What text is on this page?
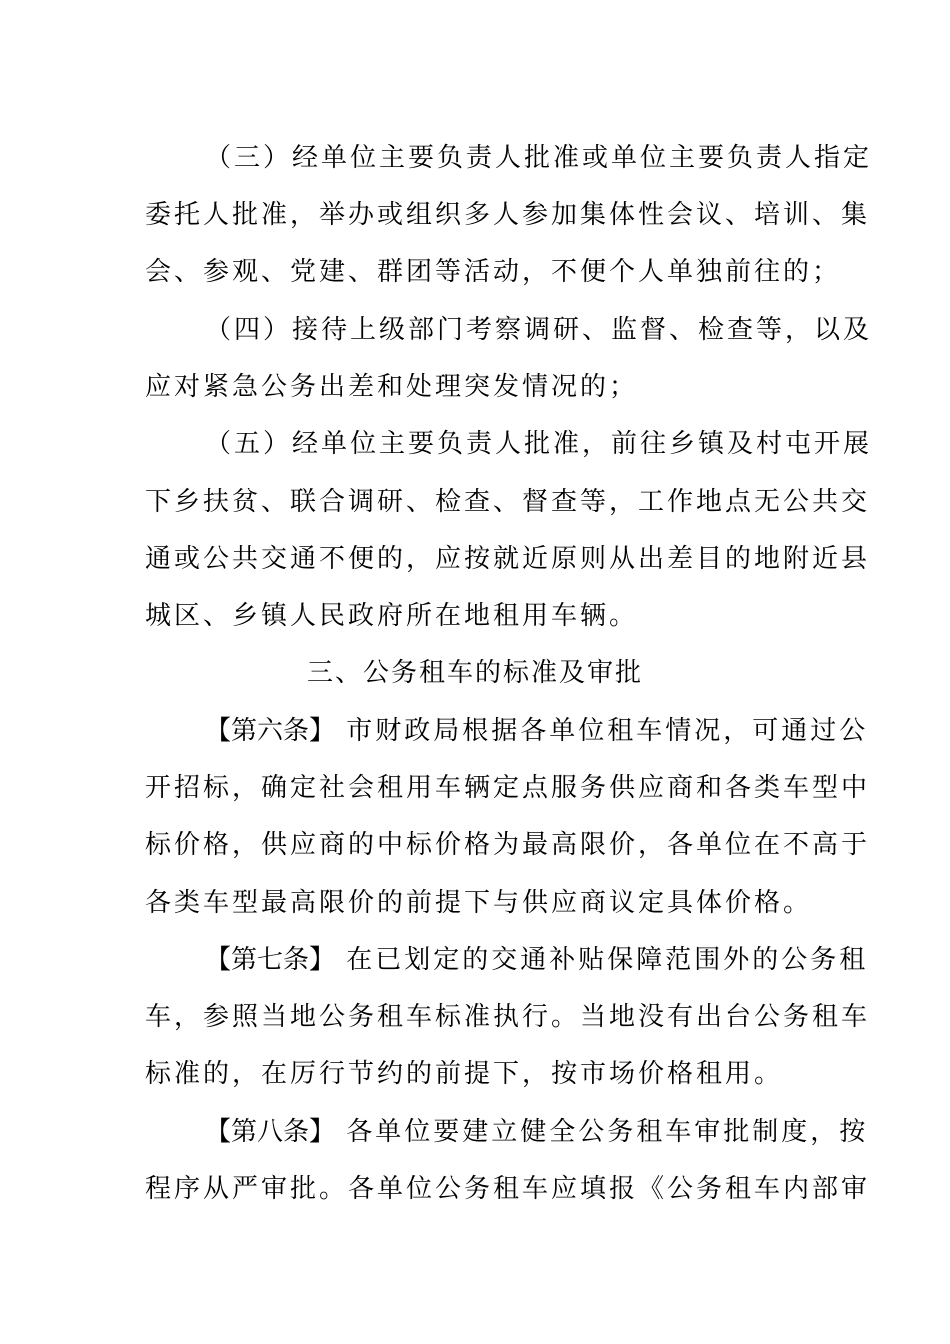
（三）经单位主要负责人批准或单位主要负责人指定
委托人批准，举办或组织多人参加集体性会议、培训、集
会、参观、党建、群团等活动，不便个人单独前往的；
（四）接待上级部门考察调研、监督、检查等，以及
应对紧急公务出差和处理突发情况的；
（五）经单位主要负责人批准，前往乡镇及村屯开展
下乡扶贫、联合调研、检查、督查等，工作地点无公共交
通或公共交通不便的，应按就近原则从出差目的地附近县
城区、乡镇人民政府所在地租用车辆。
三、公务租车的标准及审批
【第六条】 市财政局根据各单位租车情况，可通过公
开招标，确定社会租用车辆定点服务供应商和各类车型中
标价格，供应商的中标价格为最高限价，各单位在不高于
各类车型最高限价的前提下与供应商议定具体价格。
【第七条】 在已划定的交通补贴保障范围外的公务租
车，参照当地公务租车标准执行。当地没有出台公务租车
标准的，在厉行节约的前提下，按市场价格租用。
【第八条】 各单位要建立健全公务租车审批制度，按
程序从严审批。各单位公务租车应填报《公务租车内部审
